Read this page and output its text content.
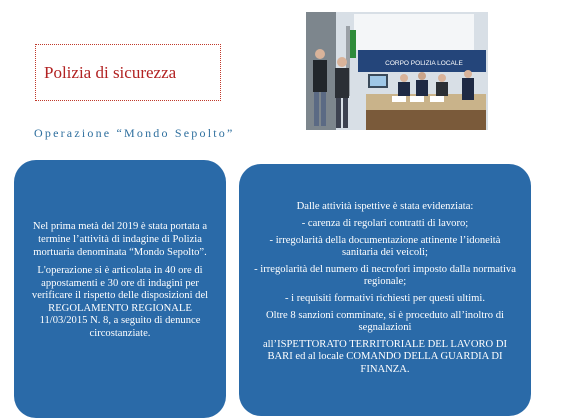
Polizia di sicurezza
Operazione “Mondo Sepolto”
CORPO POLIZIA LOCALE

Nel prima metà del 2019 è stata portata a termine l’attività di indagine di Polizia mortuaria denominata “Mondo Sepolto”.

L'operazione si è articolata in 40 ore di appostamenti e 30 ore di indagini per verificare il rispetto delle disposizioni del REGOLAMENTO REGIONALE 11/03/2015 N. 8, a seguito di denunce circostanziate.

Dalle attività ispettive è stata evidenziata:

- carenza di regolari contratti di lavoro;

- irregolarità della documentazione attinente l’idoneità sanitaria dei veicoli;

- irregolarità del numero di necrofori imposto dalla normativa regionale;

- i requisiti formativi richiesti per questi ultimi.

Oltre 8 sanzioni comminate, si è proceduto all’inoltro di segnalazioni

all’ISPETTORATO TERRITORIALE DEL LAVORO DI BARI ed al locale COMANDO DELLA GUARDIA DI FINANZA.
